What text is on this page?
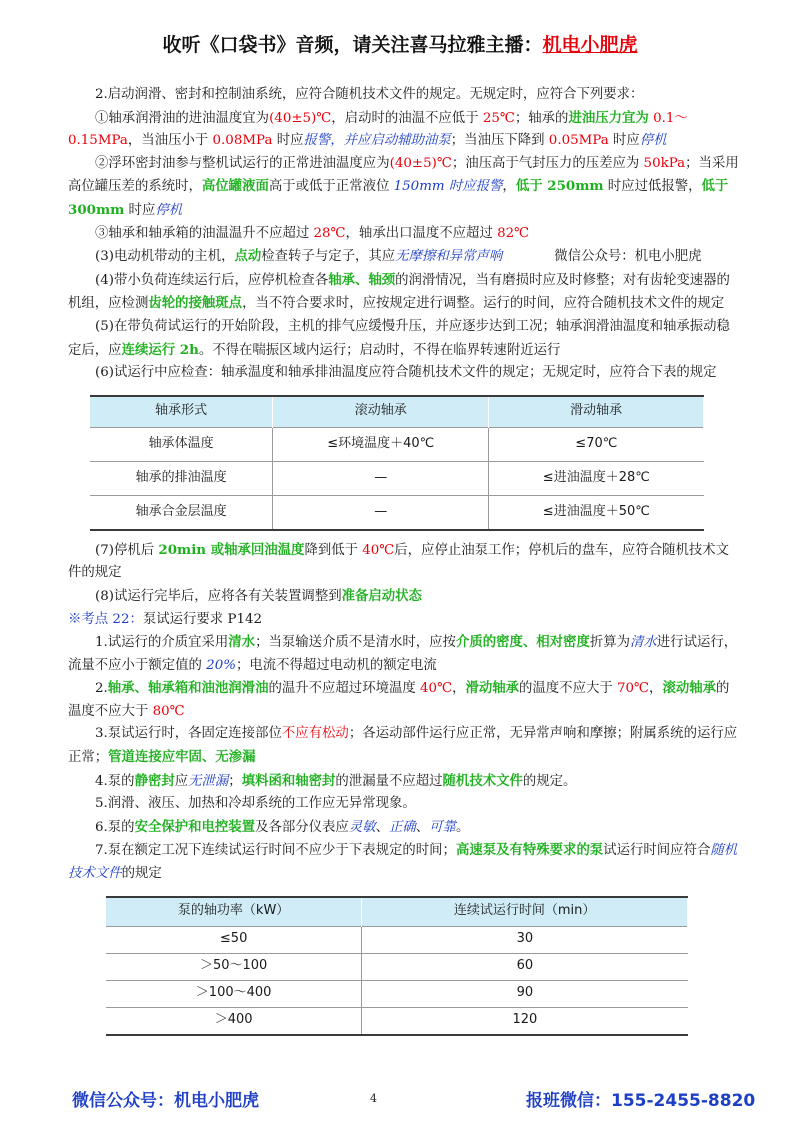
收听《口袋书》音频，请关注喜马拉雅主播：机电小肥虎

2.启动润滑、密封和控制油系统，应符合随机技术文件的规定。无规定时，应符合下列要求：

①轴承润滑油的进油温度宜为(40±5)℃，启动时的油温不应低于 25℃；轴承的进油压力宜为 0.1～0.15MPa，当油压小于 0.08MPa 时应报警，并应启动辅助油泵；当油压下降到 0.05MPa 时应停机

②浮环密封油参与整机试运行的正常进油温度应为(40±5)℃；油压高于气封压力的压差应为 50kPa；当采用高位罐压差的系统时，高位罐液面高于或低于正常液位 150mm 时应报警，低于 250mm 时应过低报警，低于 300mm 时应停机

③轴承和轴承箱的油温温升不应超过 28℃，轴承出口温度不应超过 82℃

(3)电动机带动的主机，点动检查转子与定子，其应无摩擦和异常声响	微信公众号：机电小肥虎

(4)带小负荷连续运行后，应停机检查各轴承、轴颈的润滑情况，当有磨损时应及时修整；对有齿轮变速器的机组，应检测齿轮的接触斑点，当不符合要求时，应按规定进行调整。运行的时间，应符合随机技术文件的规定

(5)在带负荷试运行的开始阶段，主机的排气应缓慢升压，并应逐步达到工况；轴承润滑油温度和轴承振动稳定后，应连续运行 2h。不得在喘振区域内运行；启动时，不得在临界转速附近运行

(6)试运行中应检查：轴承温度和轴承排油温度应符合随机技术文件的规定；无规定时，应符合下表的规定

轴承形式	滚动轴承	滑动轴承
轴承体温度	≤环境温度＋40℃	≤70℃
轴承的排油温度	—	≤进油温度＋28℃
轴承合金层温度	—	≤进油温度＋50℃

(7)停机后 20min 或轴承回油温度降到低于 40℃后，应停止油泵工作；停机后的盘车，应符合随机技术文件的规定

(8)试运行完毕后，应将各有关装置调整到准备启动状态

※考点 22：泵试运行要求 P142

1.试运行的介质宜采用清水；当泵输送介质不是清水时，应按介质的密度、相对密度折算为清水进行试运行，流量不应小于额定值的 20%；电流不得超过电动机的额定电流

2.轴承、轴承箱和油池润滑油的温升不应超过环境温度 40℃，滑动轴承的温度不应大于 70℃，滚动轴承的温度不应大于 80℃

3.泵试运行时，各固定连接部位不应有松动；各运动部件运行应正常，无异常声响和摩擦；附属系统的运行应正常；管道连接应牢固、无渗漏

4.泵的静密封应无泄漏；填料函和轴密封的泄漏量不应超过随机技术文件的规定。

5.润滑、液压、加热和冷却系统的工作应无异常现象。

6.泵的安全保护和电控装置及各部分仪表应灵敏、正确、可靠。

7.泵在额定工况下连续试运行时间不应少于下表规定的时间；高速泵及有特殊要求的泵试运行时间应符合随机技术文件的规定

泵的轴功率（kW）	连续试运行时间（min）
≤50	30
＞50～100	60
＞100～400	90
＞400	120
微信公众号：机电小肥虎	4	报班微信：155-2455-8820
